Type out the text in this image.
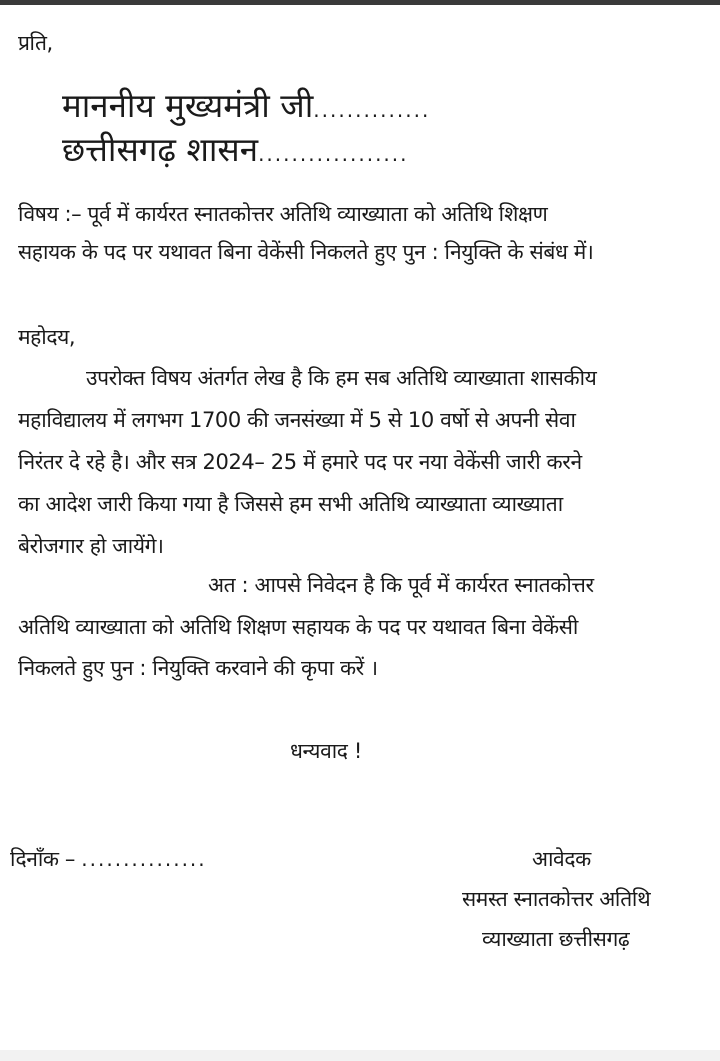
प्रति,
माननीय मुख्यमंत्री जी..............
छत्तीसगढ़ शासन..................
विषय :– पूर्व में कार्यरत स्नातकोत्तर अतिथि व्याख्याता को अतिथि शिक्षण
सहायक के पद पर यथावत बिना वेकेंसी निकलते हुए पुन : नियुक्ति के संबंध में।
महोदय,
उपरोक्त विषय अंतर्गत लेख है कि हम सब अतिथि व्याख्याता शासकीय
महाविद्यालय में लगभग 1700 की जनसंख्या में 5 से 10 वर्षो से अपनी सेवा
निरंतर दे रहे है। और सत्र 2024– 25 में हमारे पद पर नया वेकेंसी जारी करने
का आदेश जारी किया गया है जिससे हम सभी अतिथि व्याख्याता व्याख्याता
बेरोजगार हो जायेंगे।
अत : आपसे निवेदन है कि पूर्व में कार्यरत स्नातकोत्तर
अतिथि व्याख्याता को अतिथि शिक्षण सहायक के पद पर यथावत बिना वेकेंसी
निकलते हुए पुन : नियुक्ति करवाने की कृपा करें ।
धन्यवाद !
दिनाँक – ...............	आवेदक
समस्त स्नातकोत्तर अतिथि
व्याख्याता छत्तीसगढ़
